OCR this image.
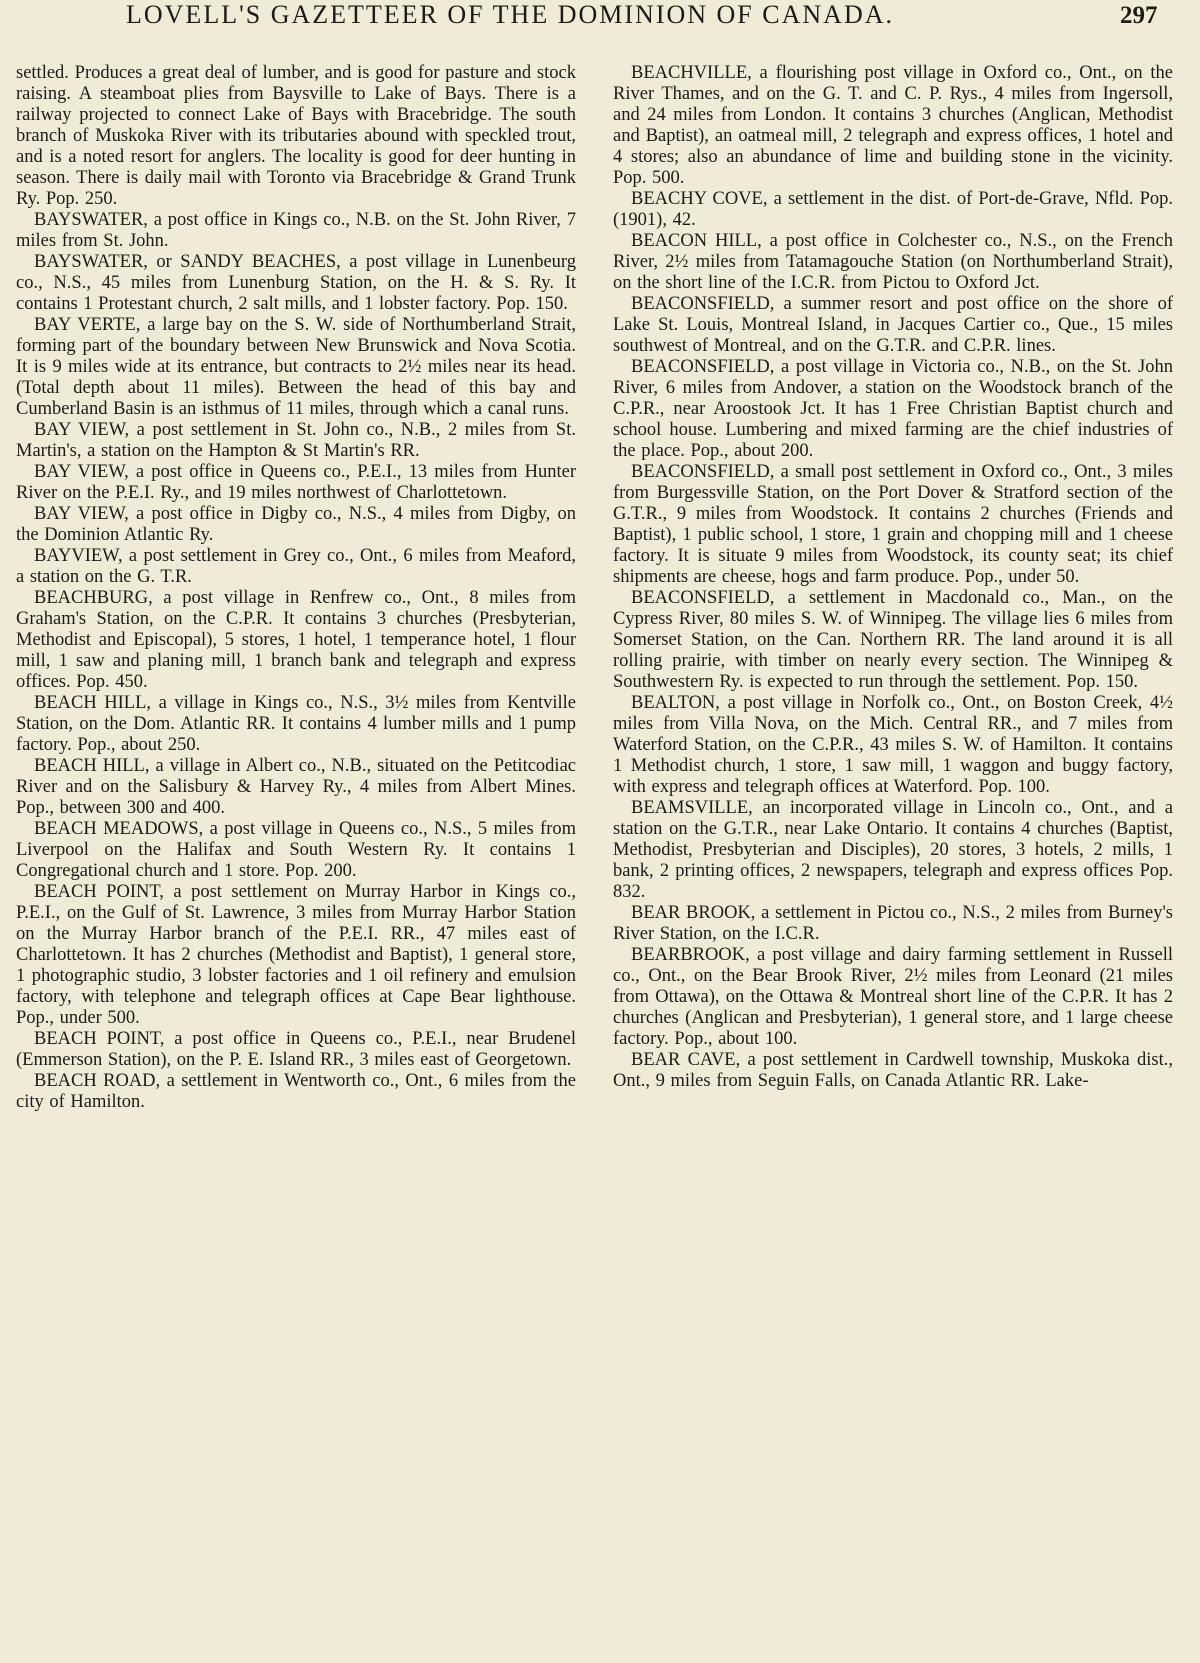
LOVELL'S GAZETTEER OF THE DOMINION OF CANADA.	297

settled. Produces a great deal of lumber, and is good for pasture and stock raising. A steamboat plies from Baysville to Lake of Bays. There is a railway projected to connect Lake of Bays with Bracebridge. The south branch of Muskoka River with its tributaries abound with speckled trout, and is a noted resort for anglers. The locality is good for deer hunting in season. There is daily mail with Toronto via Bracebridge & Grand Trunk Ry. Pop. 250.

BAYSWATER, a post office in Kings co., N.B. on the St. John River, 7 miles from St. John.

BAYSWATER, or SANDY BEACHES, a post village in Lunenbeurg co., N.S., 45 miles from Lunenburg Station, on the H. & S. Ry. It contains 1 Protestant church, 2 salt mills, and 1 lobster factory. Pop. 150.

BAY VERTE, a large bay on the S. W. side of Northumberland Strait, forming part of the boundary between New Brunswick and Nova Scotia. It is 9 miles wide at its entrance, but contracts to 2½ miles near its head. (Total depth about 11 miles). Between the head of this bay and Cumberland Basin is an isthmus of 11 miles, through which a canal runs.

BAY VIEW, a post settlement in St. John co., N.B., 2 miles from St. Martin's, a station on the Hampton & St Martin's RR.

BAY VIEW, a post office in Queens co., P.E.I., 13 miles from Hunter River on the P.E.I. Ry., and 19 miles northwest of Charlottetown.

BAY VIEW, a post office in Digby co., N.S., 4 miles from Digby, on the Dominion Atlantic Ry.

BAYVIEW, a post settlement in Grey co., Ont., 6 miles from Meaford, a station on the G. T.R.

BEACHBURG, a post village in Renfrew co., Ont., 8 miles from Graham's Station, on the C.P.R. It contains 3 churches (Presbyterian, Methodist and Episcopal), 5 stores, 1 hotel, 1 temperance hotel, 1 flour mill, 1 saw and planing mill, 1 branch bank and telegraph and express offices. Pop. 450.

BEACH HILL, a village in Kings co., N.S., 3½ miles from Kentville Station, on the Dom. Atlantic RR. It contains 4 lumber mills and 1 pump factory. Pop., about 250.

BEACH HILL, a village in Albert co., N.B., situated on the Petitcodiac River and on the Salisbury & Harvey Ry., 4 miles from Albert Mines. Pop., between 300 and 400.

BEACH MEADOWS, a post village in Queens co., N.S., 5 miles from Liverpool on the Halifax and South Western Ry. It contains 1 Congregational church and 1 store. Pop. 200.

BEACH POINT, a post settlement on Murray Harbor in Kings co., P.E.I., on the Gulf of St. Lawrence, 3 miles from Murray Harbor Station on the Murray Harbor branch of the P.E.I. RR., 47 miles east of Charlottetown. It has 2 churches (Methodist and Baptist), 1 general store, 1 photographic studio, 3 lobster factories and 1 oil refinery and emulsion factory, with telephone and telegraph offices at Cape Bear lighthouse. Pop., under 500.

BEACH POINT, a post office in Queens co., P.E.I., near Brudenel (Emmerson Station), on the P. E. Island RR., 3 miles east of Georgetown.

BEACH ROAD, a settlement in Wentworth co., Ont., 6 miles from the city of Hamilton.

BEACHVILLE, a flourishing post village in Oxford co., Ont., on the River Thames, and on the G. T. and C. P. Rys., 4 miles from Ingersoll, and 24 miles from London. It contains 3 churches (Anglican, Methodist and Baptist), an oatmeal mill, 2 telegraph and express offices, 1 hotel and 4 stores; also an abundance of lime and building stone in the vicinity. Pop. 500.

BEACHY COVE, a settlement in the dist. of Port-de-Grave, Nfld. Pop. (1901), 42.

BEACON HILL, a post office in Colchester co., N.S., on the French River, 2½ miles from Tatamagouche Station (on Northumberland Strait), on the short line of the I.C.R. from Pictou to Oxford Jct.

BEACONSFIELD, a summer resort and post office on the shore of Lake St. Louis, Montreal Island, in Jacques Cartier co., Que., 15 miles southwest of Montreal, and on the G.T.R. and C.P.R. lines.

BEACONSFIELD, a post village in Victoria co., N.B., on the St. John River, 6 miles from Andover, a station on the Woodstock branch of the C.P.R., near Aroostook Jct. It has 1 Free Christian Baptist church and school house. Lumbering and mixed farming are the chief industries of the place. Pop., about 200.

BEACONSFIELD, a small post settlement in Oxford co., Ont., 3 miles from Burgessville Station, on the Port Dover & Stratford section of the G.T.R., 9 miles from Woodstock. It contains 2 churches (Friends and Baptist), 1 public school, 1 store, 1 grain and chopping mill and 1 cheese factory. It is situate 9 miles from Woodstock, its county seat; its chief shipments are cheese, hogs and farm produce. Pop., under 50.

BEACONSFIELD, a settlement in Macdonald co., Man., on the Cypress River, 80 miles S. W. of Winnipeg. The village lies 6 miles from Somerset Station, on the Can. Northern RR. The land around it is all rolling prairie, with timber on nearly every section. The Winnipeg & Southwestern Ry. is expected to run through the settlement. Pop. 150.

BEALTON, a post village in Norfolk co., Ont., on Boston Creek, 4½ miles from Villa Nova, on the Mich. Central RR., and 7 miles from Waterford Station, on the C.P.R., 43 miles S. W. of Hamilton. It contains 1 Methodist church, 1 store, 1 saw mill, 1 waggon and buggy factory, with express and telegraph offices at Waterford. Pop. 100.

BEAMSVILLE, an incorporated village in Lincoln co., Ont., and a station on the G.T.R., near Lake Ontario. It contains 4 churches (Baptist, Methodist, Presbyterian and Disciples), 20 stores, 3 hotels, 2 mills, 1 bank, 2 printing offices, 2 newspapers, telegraph and express offices Pop. 832.

BEAR BROOK, a settlement in Pictou co., N.S., 2 miles from Burney's River Station, on the I.C.R.

BEARBROOK, a post village and dairy farming settlement in Russell co., Ont., on the Bear Brook River, 2½ miles from Leonard (21 miles from Ottawa), on the Ottawa & Montreal short line of the C.P.R. It has 2 churches (Anglican and Presbyterian), 1 general store, and 1 large cheese factory. Pop., about 100.

BEAR CAVE, a post settlement in Cardwell township, Muskoka dist., Ont., 9 miles from Seguin Falls, on Canada Atlantic RR. Lake-
